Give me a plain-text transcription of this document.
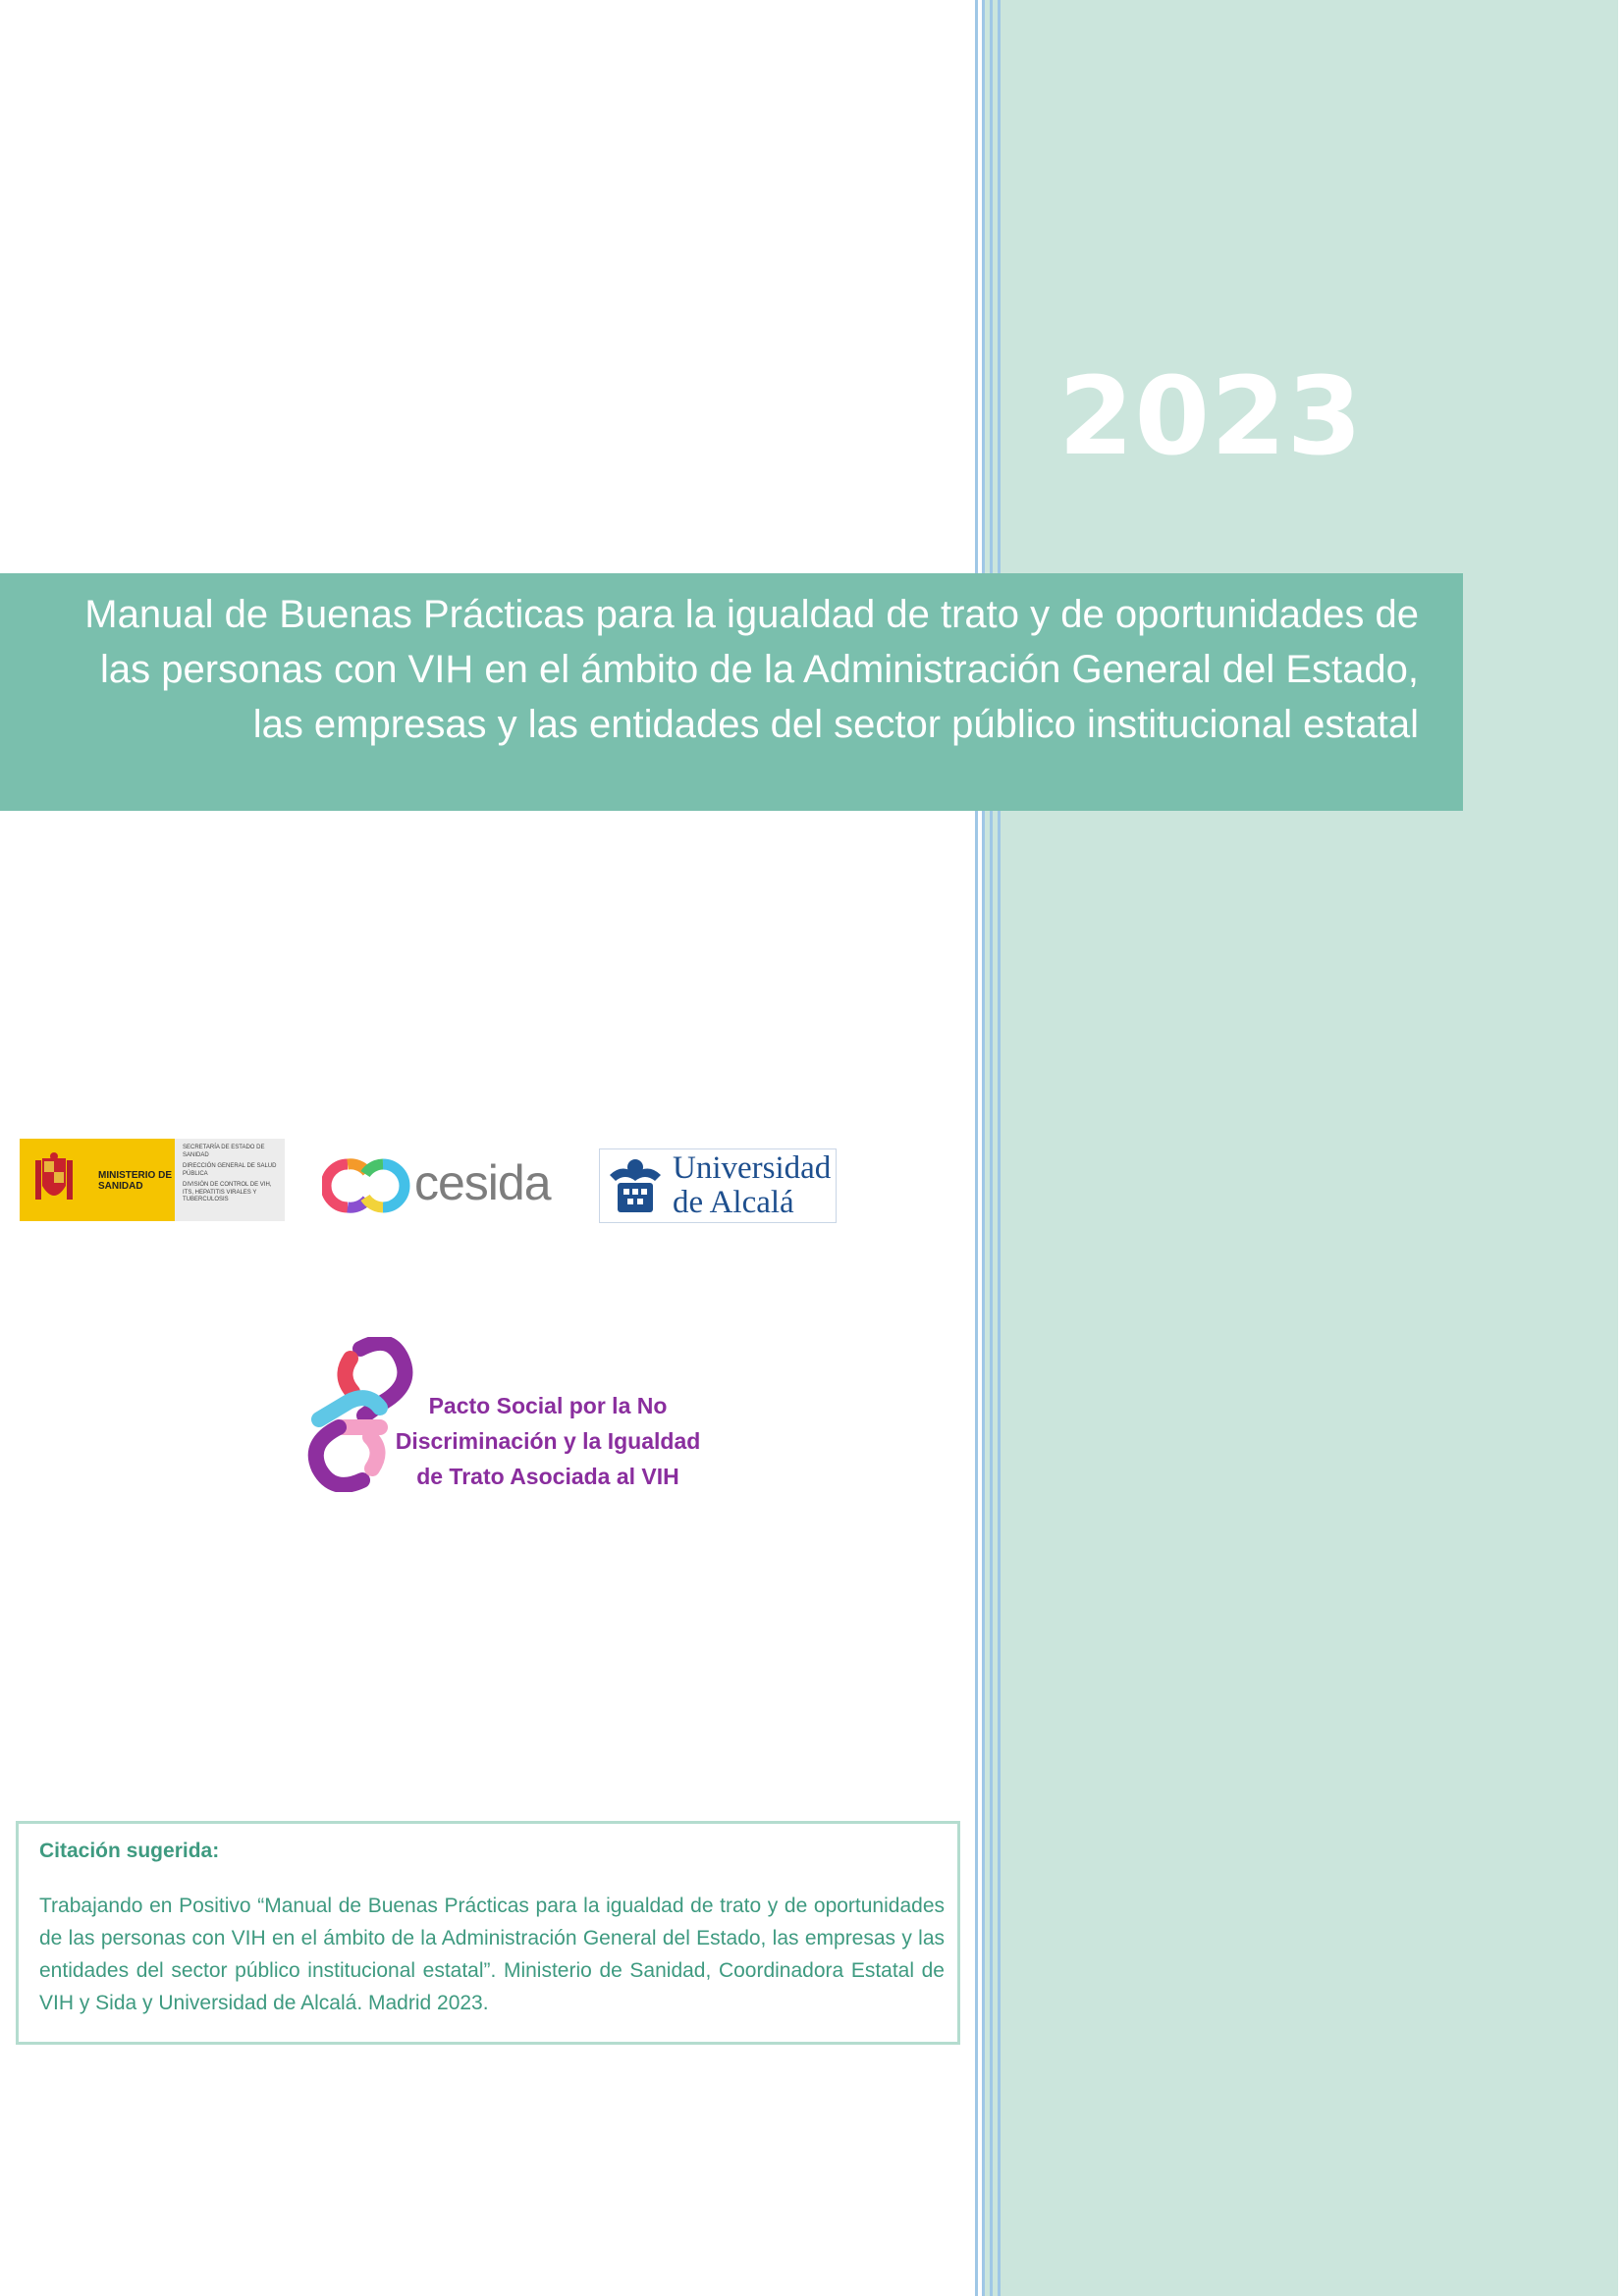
2023
Manual de Buenas Prácticas para la igualdad de trato y de oportunidades de
las personas con VIH en el ámbito de la Administración General del Estado,
las empresas y las entidades del sector público institucional estatal
MINISTERIO DE SANIDAD
SECRETARÍA DE ESTADO DE SANIDAD
DIRECCIÓN GENERAL DE SALUD PÚBLICA
DIVISIÓN DE CONTROL DE VIH, ITS, HEPATITIS VIRALES Y TUBERCULOSIS	cesida	Universidad
de Alcalá
Pacto Social por la No
Discriminación y la Igualdad
de Trato Asociada al VIH
Citación sugerida:
Trabajando en Positivo “Manual de Buenas Prácticas para la igualdad de trato y de oportunidades de las personas con VIH en el ámbito de la Administración General del Estado, las empresas y las entidades del sector público institucional estatal”. Ministerio de Sanidad, Coordinadora Estatal de VIH y Sida y Universidad de Alcalá. Madrid 2023.
